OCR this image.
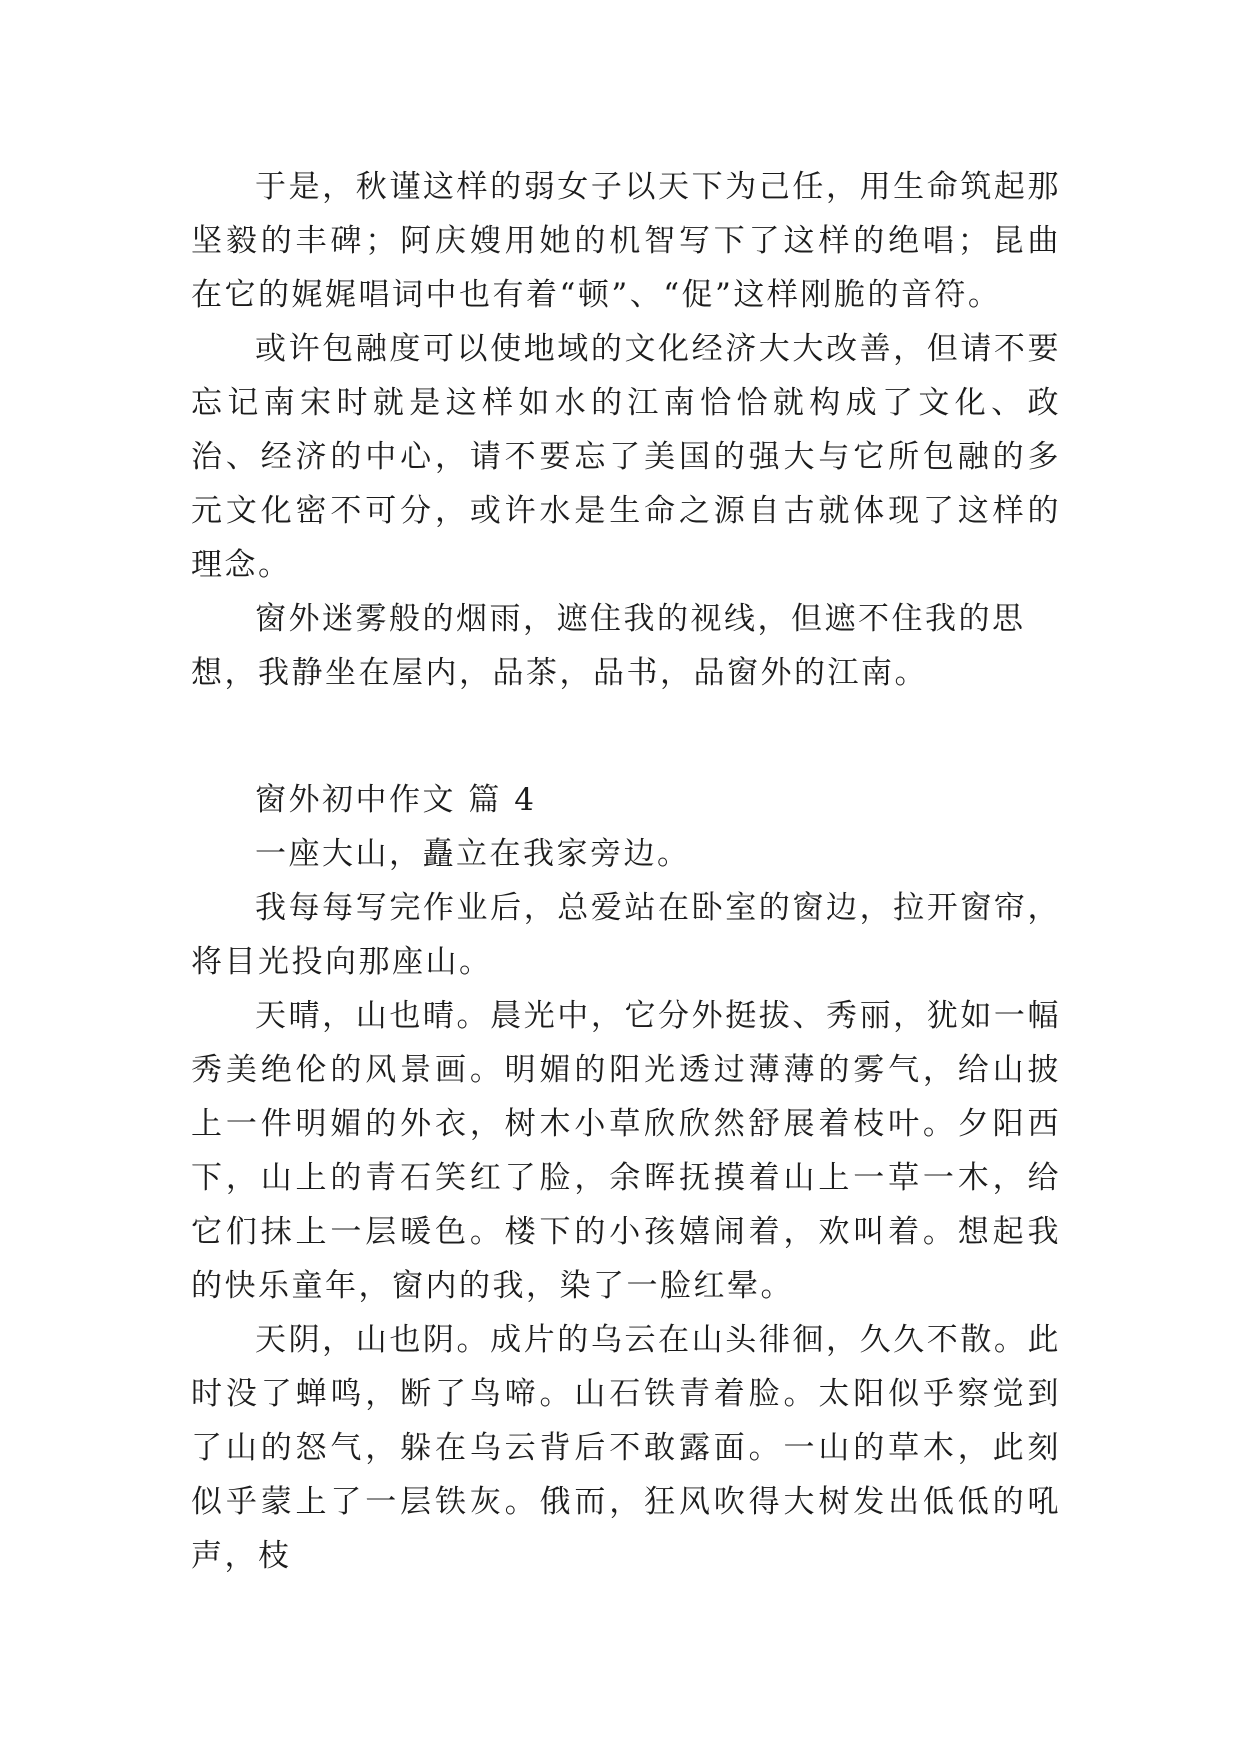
于是，秋谨这样的弱女子以天下为己任，用生命筑起那坚毅的丰碑；阿庆嫂用她的机智写下了这样的绝唱；昆曲在它的娓娓唱词中也有着“顿”、“促”这样刚脆的音符。

或许包融度可以使地域的文化经济大大改善，但请不要忘记南宋时就是这样如水的江南恰恰就构成了文化、政治、经济的中心，请不要忘了美国的强大与它所包融的多元文化密不可分，或许水是生命之源自古就体现了这样的理念。

窗外迷雾般的烟雨，遮住我的视线，但遮不住我的思想，我静坐在屋内，品茶，品书，品窗外的江南。

窗外初中作文 篇 4

一座大山，矗立在我家旁边。

我每每写完作业后，总爱站在卧室的窗边，拉开窗帘，将目光投向那座山。

天晴，山也晴。晨光中，它分外挺拔、秀丽，犹如一幅秀美绝伦的风景画。明媚的阳光透过薄薄的雾气，给山披上一件明媚的外衣，树木小草欣欣然舒展着枝叶。夕阳西下，山上的青石笑红了脸，余晖抚摸着山上一草一木，给它们抹上一层暖色。楼下的小孩嬉闹着，欢叫着。想起我的快乐童年，窗内的我，染了一脸红晕。

天阴，山也阴。成片的乌云在山头徘徊，久久不散。此时没了蝉鸣，断了鸟啼。山石铁青着脸。太阳似乎察觉到了山的怒气，躲在乌云背后不敢露面。一山的草木，此刻似乎蒙上了一层铁灰。俄而，狂风吹得大树发出低低的吼声，枝
